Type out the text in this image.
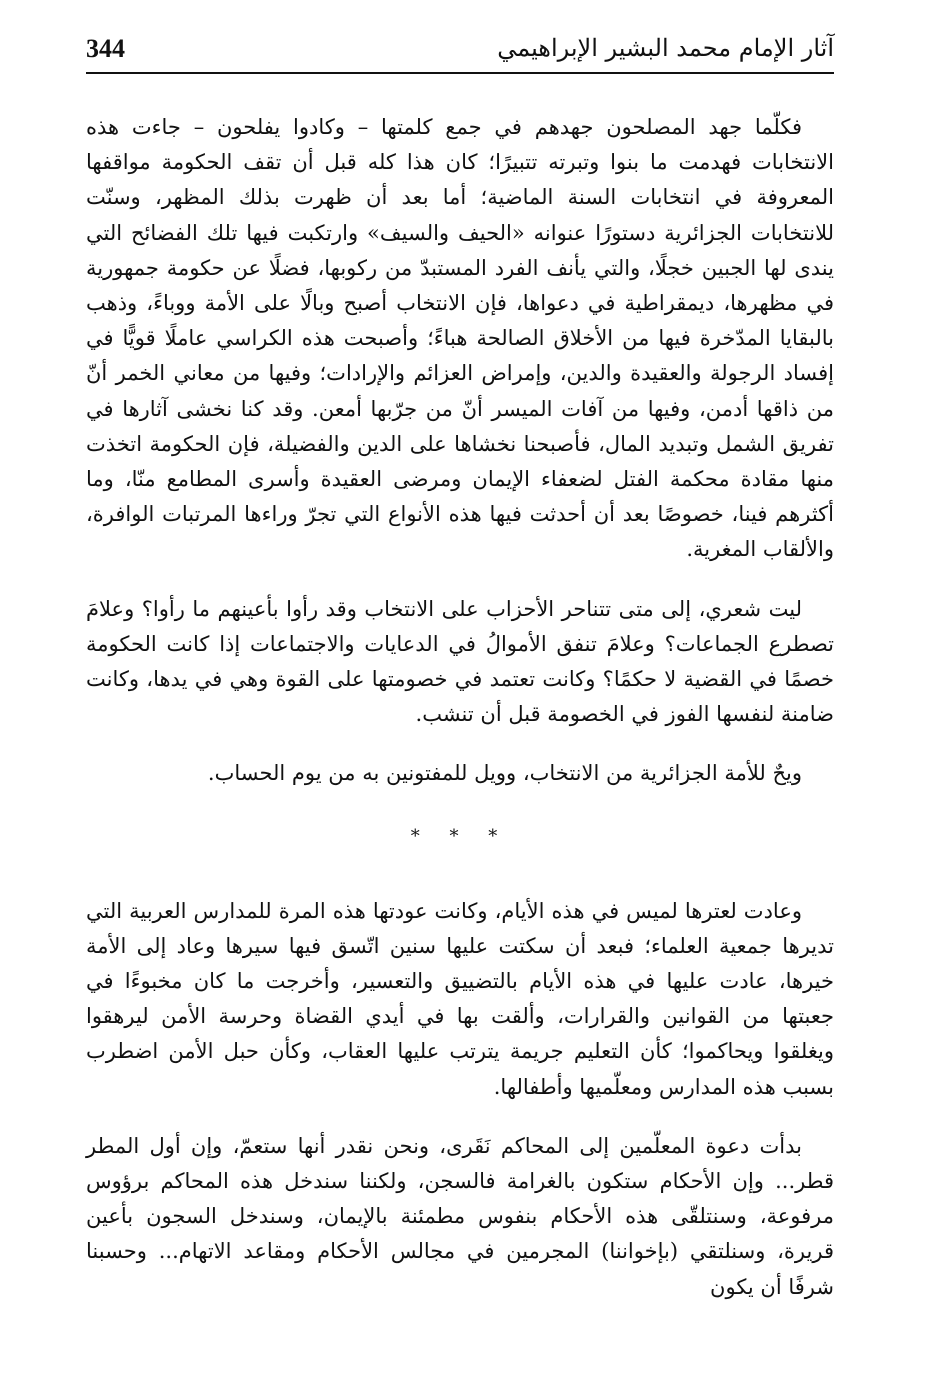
344	آثار الإمام محمد البشير الإبراهيمي

فكلّما جهد المصلحون جهدهم في جمع كلمتها – وكادوا يفلحون – جاءت هذه الانتخابات فهدمت ما بنوا وتبرته تتبيرًا؛ كان هذا كله قبل أن تقف الحكومة مواقفها المعروفة في انتخابات السنة الماضية؛ أما بعد أن ظهرت بذلك المظهر، وسنّت للانتخابات الجزائرية دستورًا عنوانه «الحيف والسيف» وارتكبت فيها تلك الفضائح التي يندى لها الجبين خجلًا، والتي يأنف الفرد المستبدّ من ركوبها، فضلًا عن حكومة جمهورية في مظهرها، ديمقراطية في دعواها، فإن الانتخاب أصبح وبالًا على الأمة ووباءً، وذهب بالبقايا المدّخرة فيها من الأخلاق الصالحة هباءً؛ وأصبحت هذه الكراسي عاملًا قويًّا في إفساد الرجولة والعقيدة والدين، وإمراض العزائم والإرادات؛ وفيها من معاني الخمر أنّ من ذاقها أدمن، وفيها من آفات الميسر أنّ من جرّبها أمعن. وقد كنا نخشى آثارها في تفريق الشمل وتبديد المال، فأصبحنا نخشاها على الدين والفضيلة، فإن الحكومة اتخذت منها مقادة محكمة الفتل لضعفاء الإيمان ومرضى العقيدة وأسرى المطامع منّا، وما أكثرهم فينا، خصوصًا بعد أن أحدثت فيها هذه الأنواع التي تجرّ وراءها المرتبات الوافرة، والألقاب المغرية.

ليت شعري، إلى متى تتناحر الأحزاب على الانتخاب وقد رأوا بأعينهم ما رأوا؟ وعلامَ تصطرع الجماعات؟ وعلامَ تنفق الأموالُ في الدعايات والاجتماعات إذا كانت الحكومة خصمًا في القضية لا حكمًا؟ وكانت تعتمد في خصومتها على القوة وهي في يدها، وكانت ضامنة لنفسها الفوز في الخصومة قبل أن تنشب.

ويحٌ للأمة الجزائرية من الانتخاب، وويل للمفتونين به من يوم الحساب.

* * *

وعادت لعترها لميس في هذه الأيام، وكانت عودتها هذه المرة للمدارس العربية التي تديرها جمعية العلماء؛ فبعد أن سكتت عليها سنين اتّسق فيها سيرها وعاد إلى الأمة خيرها، عادت عليها في هذه الأيام بالتضييق والتعسير، وأخرجت ما كان مخبوءًا في جعبتها من القوانين والقرارات، وألقت بها في أيدي القضاة وحرسة الأمن ليرهقوا ويغلقوا ويحاكموا؛ كأن التعليم جريمة يترتب عليها العقاب، وكأن حبل الأمن اضطرب بسبب هذه المدارس ومعلّميها وأطفالها.

بدأت دعوة المعلّمين إلى المحاكم نَقَرى، ونحن نقدر أنها ستعمّ، وإن أول المطر قطر... وإن الأحكام ستكون بالغرامة فالسجن، ولكننا سندخل هذه المحاكم برؤوس مرفوعة، وسنتلقّى هذه الأحكام بنفوس مطمئنة بالإيمان، وسندخل السجون بأعين قريرة، وسنلتقي (بإخواننا) المجرمين في مجالس الأحكام ومقاعد الاتهام... وحسبنا شرفًا أن يكون
